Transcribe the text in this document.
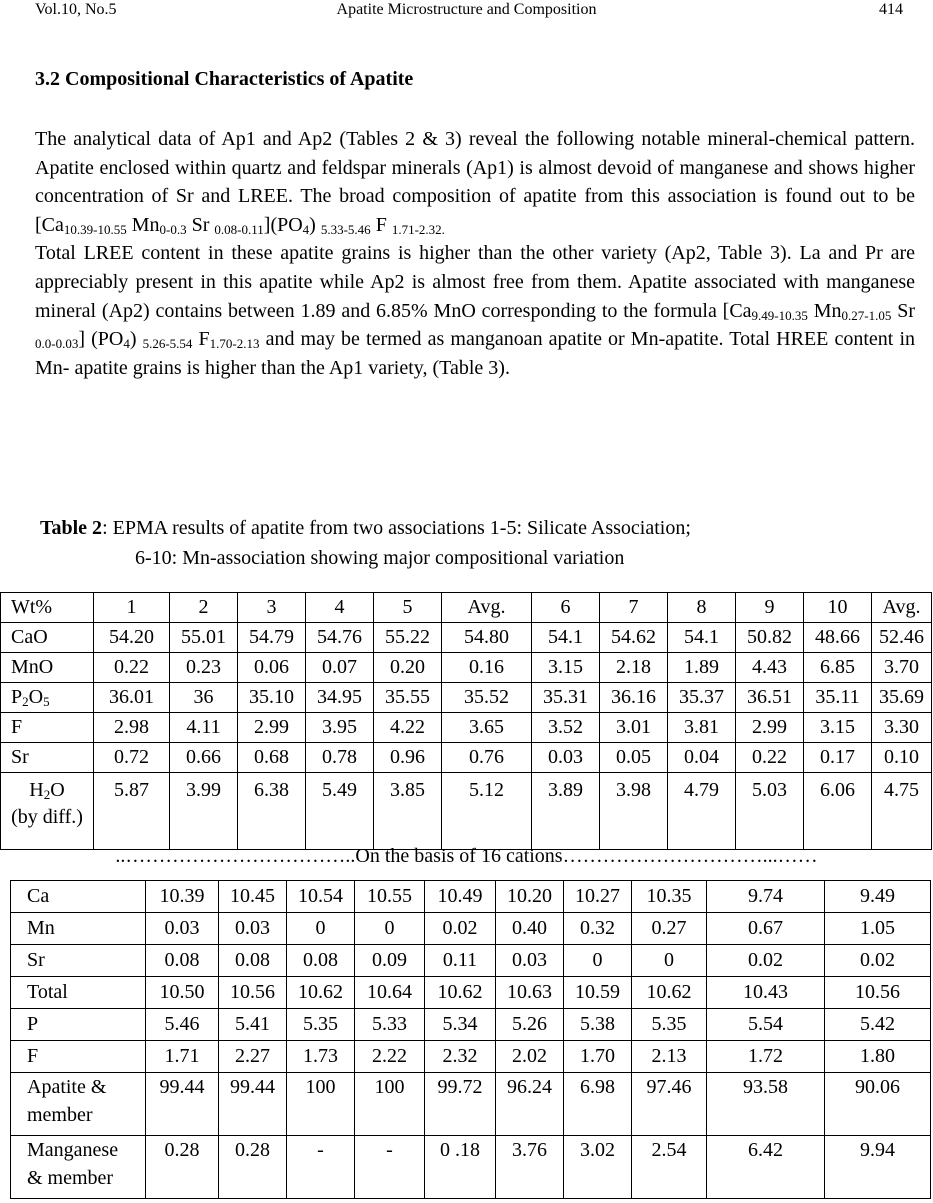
Vol.10, No.5	Apatite Microstructure and Composition	414
3.2 Compositional Characteristics of Apatite

The analytical data of Ap1 and Ap2 (Tables 2 & 3) reveal the following notable mineral-chemical pattern. Apatite enclosed within quartz and feldspar minerals (Ap1) is almost devoid of manganese and shows higher concentration of Sr and LREE. The broad composition of apatite from this association is found out to be [$Ca_{10.39-10.55}$ $Mn_{0-0.3}$ Sr $_{0.08-0.11}](PO_4)$ $_{5.33-5.46}$ F $_{1.71-2.32.}$
Total LREE content in these apatite grains is higher than the other variety (Ap2, Table 3). La and Pr are appreciably present in this apatite while Ap2 is almost free from them. Apatite associated with manganese mineral (Ap2) contains between 1.89 and 6.85% MnO corresponding to the formula [$Ca_{9.49-10.35}$ $Mn_{0.27-1.05}$ Sr $_{0.0-0.03}$] $(PO_4)$ $_{5.26-5.54}$ $F_{1.70-2.13}$ and may be termed as manganoan apatite or Mn-apatite. Total HREE content in Mn- apatite grains is higher than the Ap1 variety, (Table 3).

Table 2: EPMA results of apatite from two associations 1-5: Silicate Association;
6-10: Mn-association showing major compositional variation
Wt%	1	2	3	4	5	Avg.	6	7	8	9	10	Avg.
CaO	54.20	55.01	54.79	54.76	55.22	54.80	54.1	54.62	54.1	50.82	48.66	52.46
MnO	0.22	0.23	0.06	0.07	0.20	0.16	3.15	2.18	1.89	4.43	6.85	3.70
$P_2O_5$	36.01	36	35.10	34.95	35.55	35.52	35.31	36.16	35.37	36.51	35.11	35.69
F	2.98	4.11	2.99	3.95	4.22	3.65	3.52	3.01	3.81	2.99	3.15	3.30
Sr	0.72	0.66	0.68	0.78	0.96	0.76	0.03	0.05	0.04	0.22	0.17	0.10
$H_2O$
(by diff.)	5.87	3.99	6.38	5.49	3.85	5.12	3.89	3.98	4.79	5.03	6.06	4.75
..……………………………..On the basis of 16 cations…………………………...……
Ca	10.39	10.45	10.54	10.55	10.49	10.20	10.27	10.35	9.74	9.49
Mn	0.03	0.03	0	0	0.02	0.40	0.32	0.27	0.67	1.05
Sr	0.08	0.08	0.08	0.09	0.11	0.03	0	0	0.02	0.02
Total	10.50	10.56	10.62	10.64	10.62	10.63	10.59	10.62	10.43	10.56
P	5.46	5.41	5.35	5.33	5.34	5.26	5.38	5.35	5.54	5.42
F	1.71	2.27	1.73	2.22	2.32	2.02	1.70	2.13	1.72	1.80
Apatite &
member	99.44	99.44	100	100	99.72	96.24	6.98	97.46	93.58	90.06
Manganese
& member	0.28	0.28	-	-	0 .18	3.76	3.02	2.54	6.42	9.94
